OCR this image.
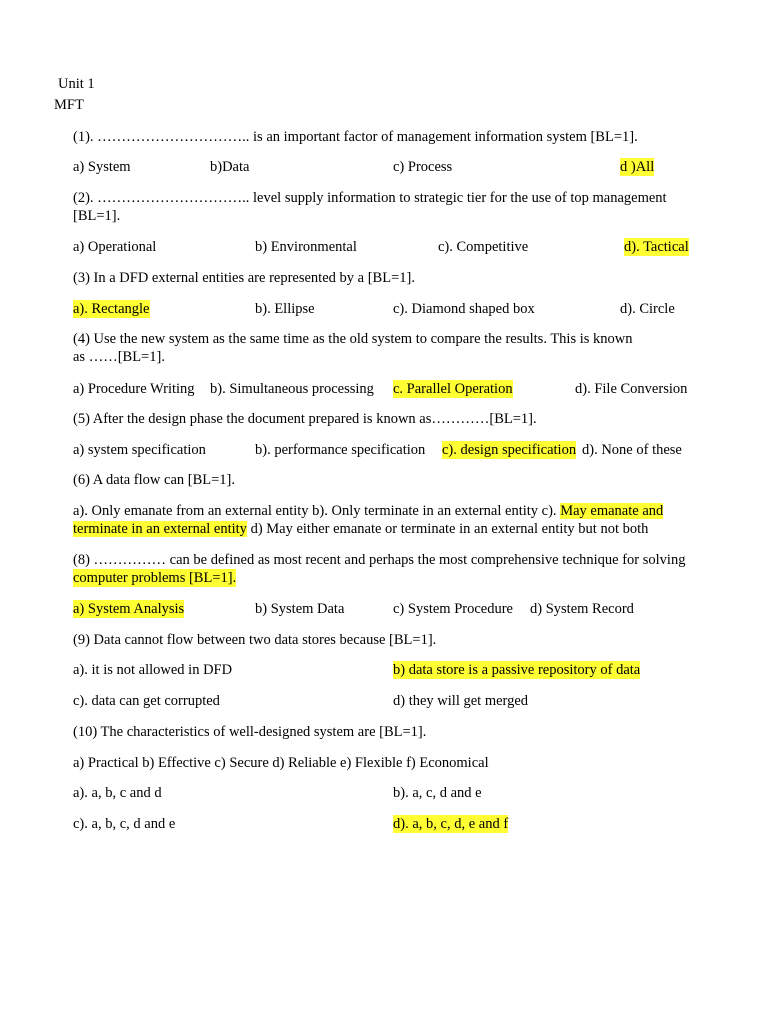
Unit 1
MFT
(1). ………………………….. is an important factor of management information system [BL=1].
a) System	b)Data	c) Process	d )All
(2). ………………………….. level supply information to strategic tier for the use of top management
[BL=1].
a) Operational	b) Environmental	c). Competitive	d). Tactical
(3) In a DFD external entities are represented by a [BL=1].
a). Rectangle	b). Ellipse	c). Diamond shaped box	d). Circle
(4) Use the new system as the same time as the old system to compare the results. This is known
as ……[BL=1].
a) Procedure Writing b). Simultaneous processing c. Parallel Operation	d). File Conversion
(5) After the design phase the document prepared is known as…………[BL=1].
a) system specification	b). performance specification c). design specification d). None of these
(6) A data flow can [BL=1].
a). Only emanate from an external entity b). Only terminate in an external entity c). May emanate and
terminate in an external entity d) May either emanate or terminate in an external entity but not both
(8) …………… can be defined as most recent and perhaps the most comprehensive technique for solving
computer problems [BL=1].
a) System Analysis	b) System Data	c) System Procedure d) System Record
(9) Data cannot flow between two data stores because [BL=1].
a). it is not allowed in DFD	b) data store is a passive repository of data
c). data can get corrupted	d) they will get merged
(10) The characteristics of well-designed system are [BL=1].
a) Practical b) Effective c) Secure d) Reliable e) Flexible f) Economical
a). a, b, c and d	b). a, c, d and e
c). a, b, c, d and e	d). a, b, c, d, e and f
